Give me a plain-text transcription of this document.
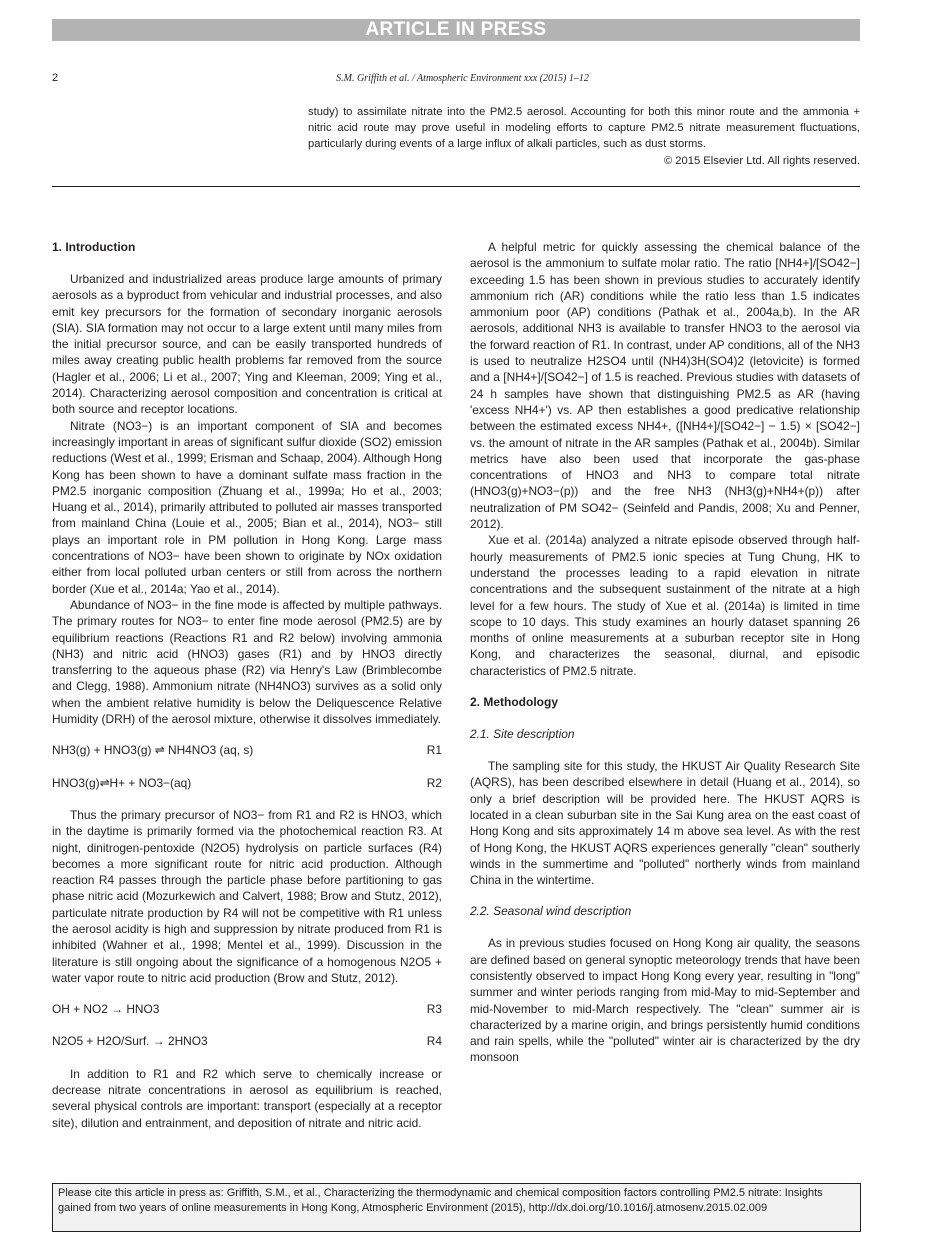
ARTICLE IN PRESS
2	S.M. Griffith et al. / Atmospheric Environment xxx (2015) 1–12
study) to assimilate nitrate into the PM2.5 aerosol. Accounting for both this minor route and the ammonia + nitric acid route may prove useful in modeling efforts to capture PM2.5 nitrate measurement fluctuations, particularly during events of a large influx of alkali particles, such as dust storms.
© 2015 Elsevier Ltd. All rights reserved.
1. Introduction

Urbanized and industrialized areas produce large amounts of primary aerosols as a byproduct from vehicular and industrial processes, and also emit key precursors for the formation of secondary inorganic aerosols (SIA). SIA formation may not occur to a large extent until many miles from the initial precursor source, and can be easily transported hundreds of miles away creating public health problems far removed from the source (Hagler et al., 2006; Li et al., 2007; Ying and Kleeman, 2009; Ying et al., 2014). Characterizing aerosol composition and concentration is critical at both source and receptor locations.

Nitrate (NO3−) is an important component of SIA and becomes increasingly important in areas of significant sulfur dioxide (SO2) emission reductions (West et al., 1999; Erisman and Schaap, 2004). Although Hong Kong has been shown to have a dominant sulfate mass fraction in the PM2.5 inorganic composition (Zhuang et al., 1999a; Ho et al., 2003; Huang et al., 2014), primarily attributed to polluted air masses transported from mainland China (Louie et al., 2005; Bian et al., 2014), NO3− still plays an important role in PM pollution in Hong Kong. Large mass concentrations of NO3− have been shown to originate by NOx oxidation either from local polluted urban centers or still from across the northern border (Xue et al., 2014a; Yao et al., 2014).

Abundance of NO3− in the fine mode is affected by multiple pathways. The primary routes for NO3− to enter fine mode aerosol (PM2.5) are by equilibrium reactions (Reactions R1 and R2 below) involving ammonia (NH3) and nitric acid (HNO3) gases (R1) and by HNO3 directly transferring to the aqueous phase (R2) via Henry's Law (Brimblecombe and Clegg, 1988). Ammonium nitrate (NH4NO3) survives as a solid only when the ambient relative humidity is below the Deliquescence Relative Humidity (DRH) of the aerosol mixture, otherwise it dissolves immediately.

NH3(g) + HNO3(g) ⇌ NH4NO3 (aq, s)	R1
HNO3(g)⇌H+ + NO3−(aq)	R2

Thus the primary precursor of NO3− from R1 and R2 is HNO3, which in the daytime is primarily formed via the photochemical reaction R3. At night, dinitrogen-pentoxide (N2O5) hydrolysis on particle surfaces (R4) becomes a more significant route for nitric acid production. Although reaction R4 passes through the particle phase before partitioning to gas phase nitric acid (Mozurkewich and Calvert, 1988; Brow and Stutz, 2012), particulate nitrate production by R4 will not be competitive with R1 unless the aerosol acidity is high and suppression by nitrate produced from R1 is inhibited (Wahner et al., 1998; Mentel et al., 1999). Discussion in the literature is still ongoing about the significance of a homogenous N2O5 + water vapor route to nitric acid production (Brow and Stutz, 2012).

OH + NO2 → HNO3	R3
N2O5 + H2O/Surf. → 2HNO3	R4

In addition to R1 and R2 which serve to chemically increase or decrease nitrate concentrations in aerosol as equilibrium is reached, several physical controls are important: transport (especially at a receptor site), dilution and entrainment, and deposition of nitrate and nitric acid.

A helpful metric for quickly assessing the chemical balance of the aerosol is the ammonium to sulfate molar ratio. The ratio [NH4+]/[SO42−] exceeding 1.5 has been shown in previous studies to accurately identify ammonium rich (AR) conditions while the ratio less than 1.5 indicates ammonium poor (AP) conditions (Pathak et al., 2004a,b). In the AR aerosols, additional NH3 is available to transfer HNO3 to the aerosol via the forward reaction of R1. In contrast, under AP conditions, all of the NH3 is used to neutralize H2SO4 until (NH4)3H(SO4)2 (letovicite) is formed and a [NH4+]/[SO42−] of 1.5 is reached. Previous studies with datasets of 24 h samples have shown that distinguishing PM2.5 as AR (having 'excess NH4+') vs. AP then establishes a good predicative relationship between the estimated excess NH4+, ([NH4+]/[SO42−] − 1.5) × [SO42−] vs. the amount of nitrate in the AR samples (Pathak et al., 2004b). Similar metrics have also been used that incorporate the gas-phase concentrations of HNO3 and NH3 to compare total nitrate (HNO3(g)+NO3−(p)) and the free NH3 (NH3(g)+NH4+(p)) after neutralization of PM SO42− (Seinfeld and Pandis, 2008; Xu and Penner, 2012).

Xue et al. (2014a) analyzed a nitrate episode observed through half-hourly measurements of PM2.5 ionic species at Tung Chung, HK to understand the processes leading to a rapid elevation in nitrate concentrations and the subsequent sustainment of the nitrate at a high level for a few hours. The study of Xue et al. (2014a) is limited in time scope to 10 days. This study examines an hourly dataset spanning 26 months of online measurements at a suburban receptor site in Hong Kong, and characterizes the seasonal, diurnal, and episodic characteristics of PM2.5 nitrate.

2. Methodology
2.1. Site description

The sampling site for this study, the HKUST Air Quality Research Site (AQRS), has been described elsewhere in detail (Huang et al., 2014), so only a brief description will be provided here. The HKUST AQRS is located in a clean suburban site in the Sai Kung area on the east coast of Hong Kong and sits approximately 14 m above sea level. As with the rest of Hong Kong, the HKUST AQRS experiences generally "clean" southerly winds in the summertime and "polluted" northerly winds from mainland China in the wintertime.

2.2. Seasonal wind description

As in previous studies focused on Hong Kong air quality, the seasons are defined based on general synoptic meteorology trends that have been consistently observed to impact Hong Kong every year, resulting in "long" summer and winter periods ranging from mid-May to mid-September and mid-November to mid-March respectively. The "clean" summer air is characterized by a marine origin, and brings persistently humid conditions and rain spells, while the "polluted" winter air is characterized by the dry monsoon

Please cite this article in press as: Griffith, S.M., et al., Characterizing the thermodynamic and chemical composition factors controlling PM2.5 nitrate: Insights gained from two years of online measurements in Hong Kong, Atmospheric Environment (2015), http://dx.doi.org/10.1016/j.atmosenv.2015.02.009
